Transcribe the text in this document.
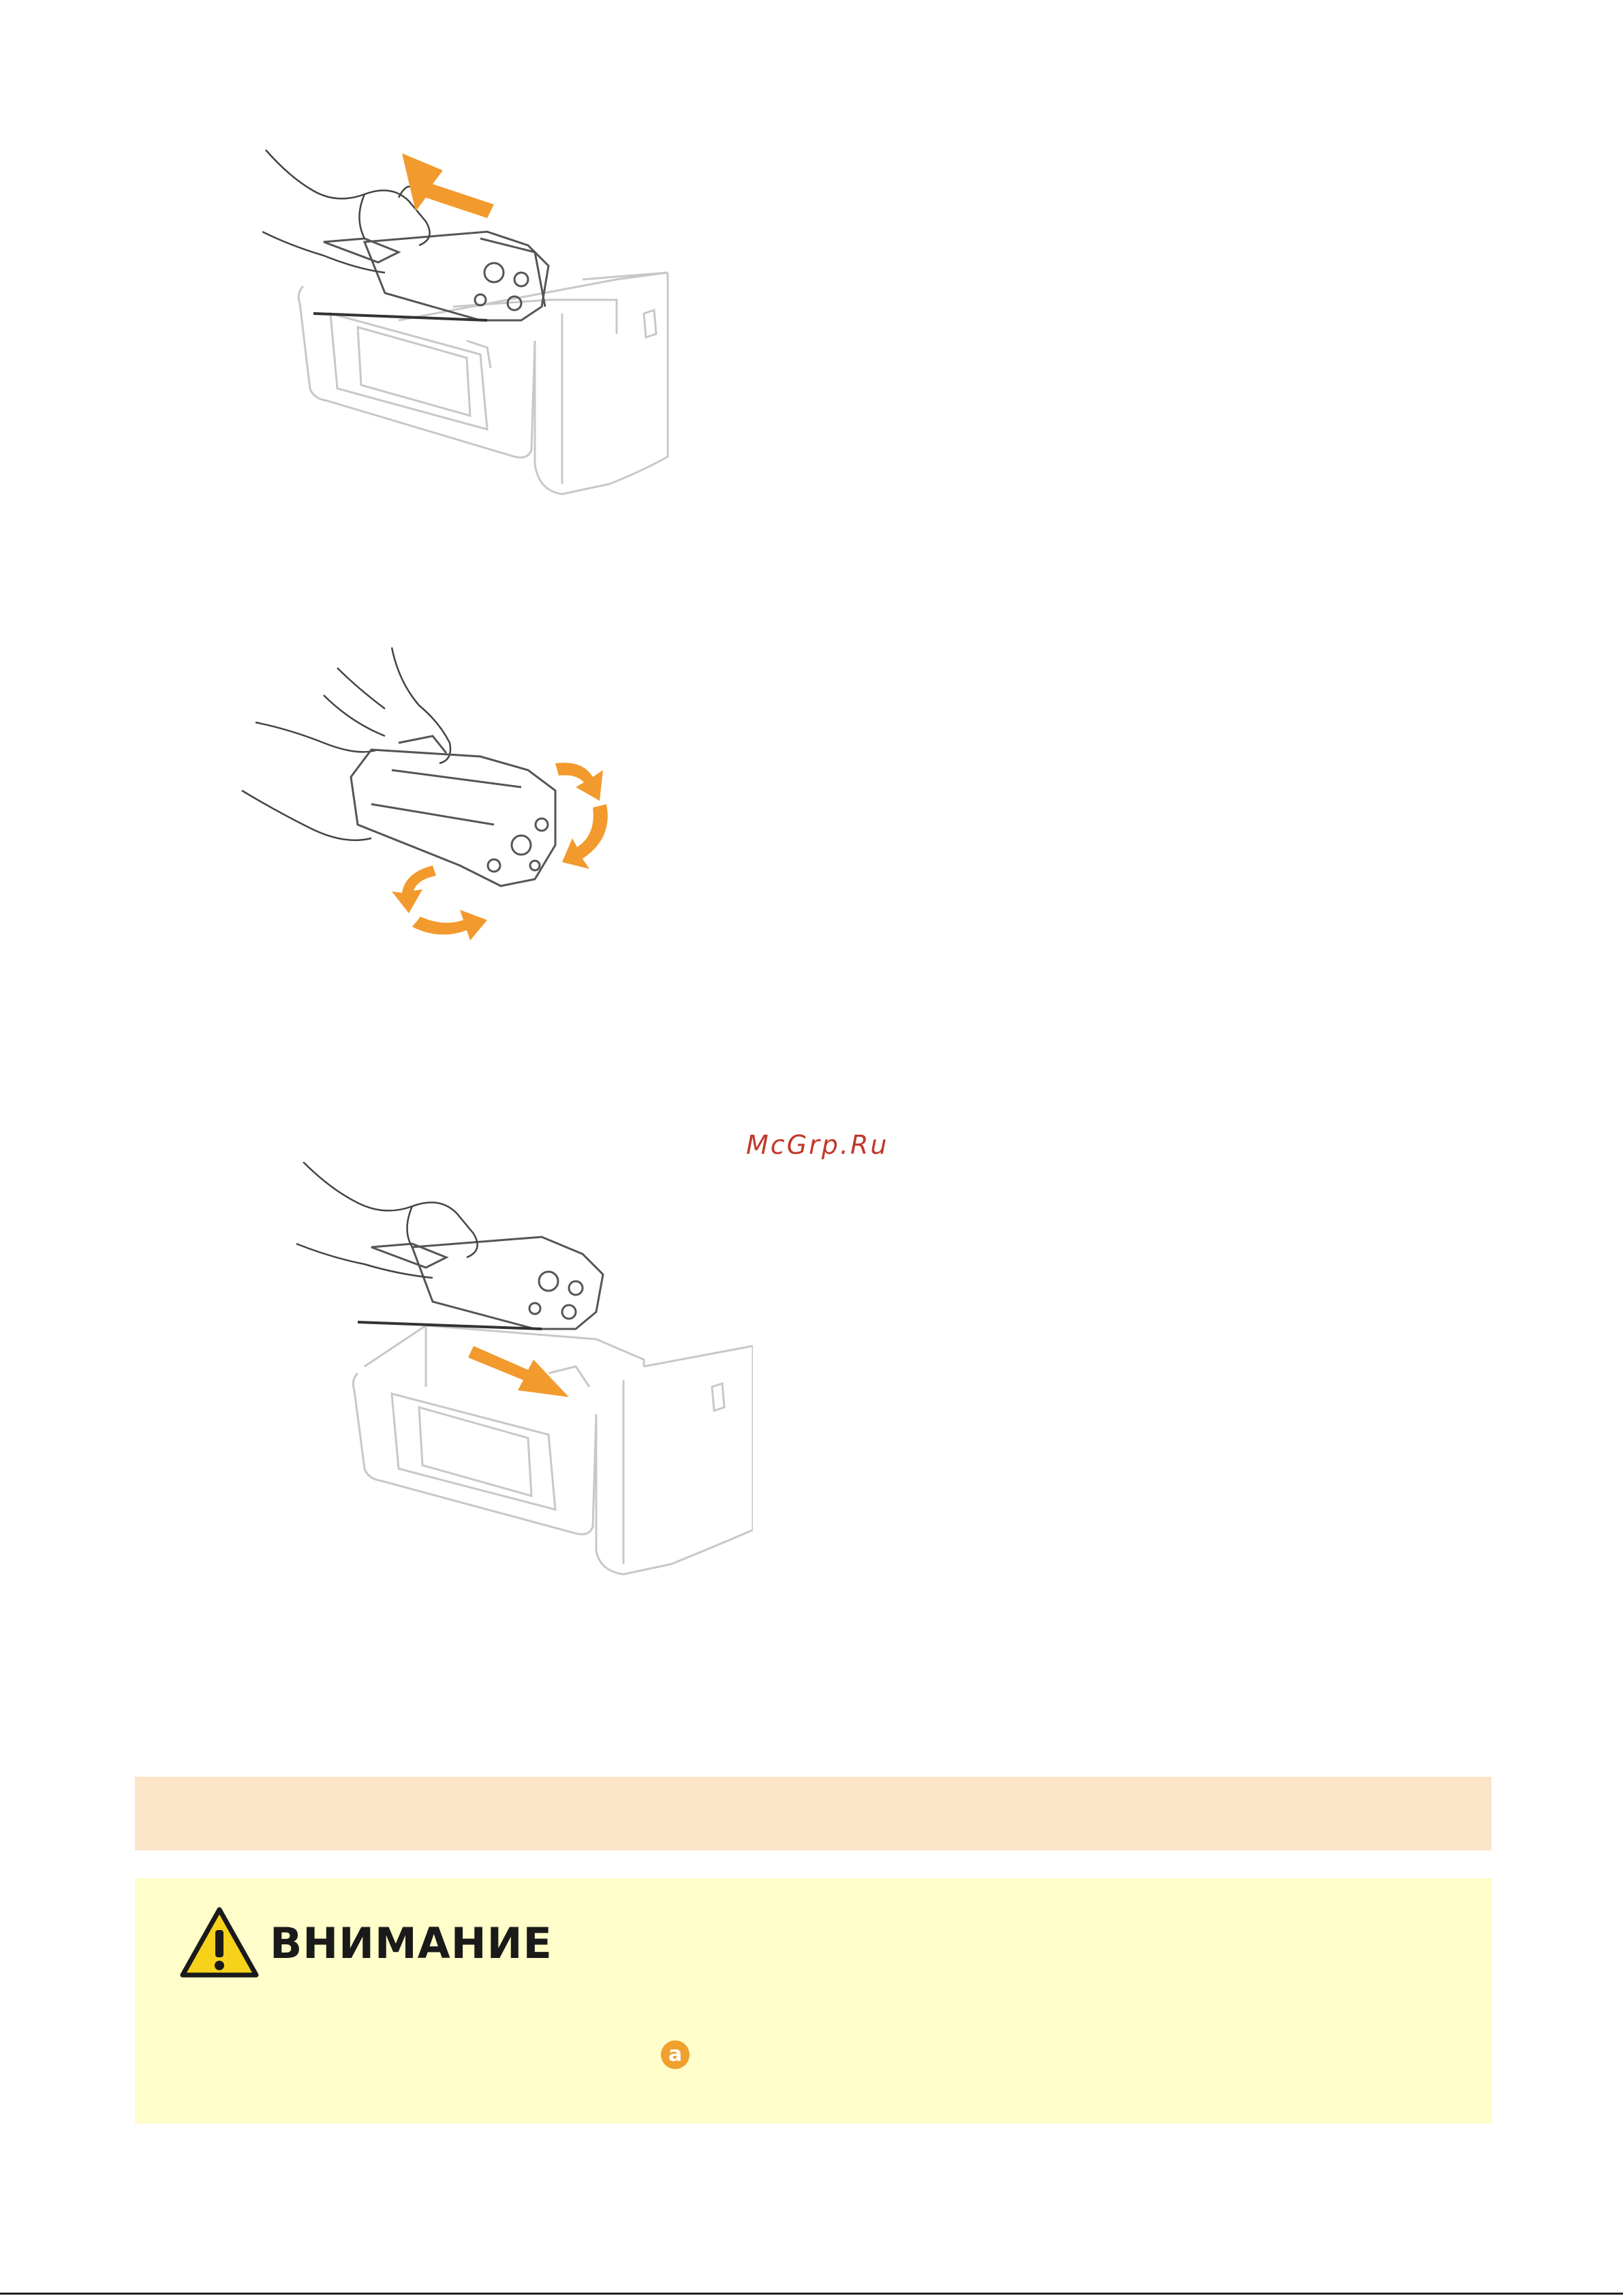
McGrp.Ru
ВНИМАНИЕ
a
